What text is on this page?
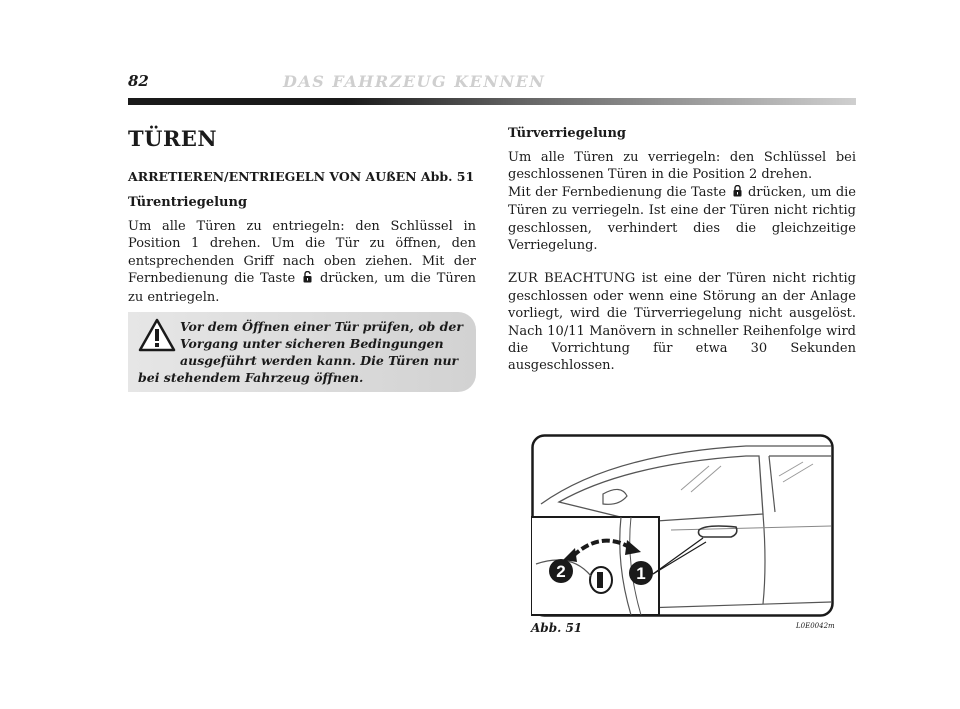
82	DAS FAHRZEUG KENNEN
TÜREN
ARRETIEREN/ENTRIEGELN VON AUßEN Abb. 51
Türentriegelung

Um alle Türen zu entriegeln: den Schlüssel in Position 1 drehen. Um die Tür zu öffnen, den entsprechenden Griff nach oben ziehen. Mit der Fernbedienung die Taste drücken, um die Türen zu entriegeln.

Vor dem Öffnen einer Tür prüfen, ob der Vorgang unter sicheren Bedingungen ausgeführt werden kann. Die Türen nur bei stehendem Fahrzeug öffnen.
Türverriegelung

Um alle Türen zu verriegeln: den Schlüssel bei geschlossenen Türen in die Position 2 drehen.
Mit der Fernbedienung die Taste drücken, um die Türen zu verriegeln. Ist eine der Türen nicht richtig geschlossen, verhindert dies die gleichzeitige Verriegelung.

ZUR BEACHTUNG ist eine der Türen nicht richtig geschlossen oder wenn eine Störung an der Anlage vorliegt, wird die Türverriegelung nicht ausgelöst. Nach 10/11 Manövern in schneller Reihenfolge wird die Vorrichtung für etwa 30 Sekunden ausgeschlossen.

1
2
Abb. 51	L0E0042m
